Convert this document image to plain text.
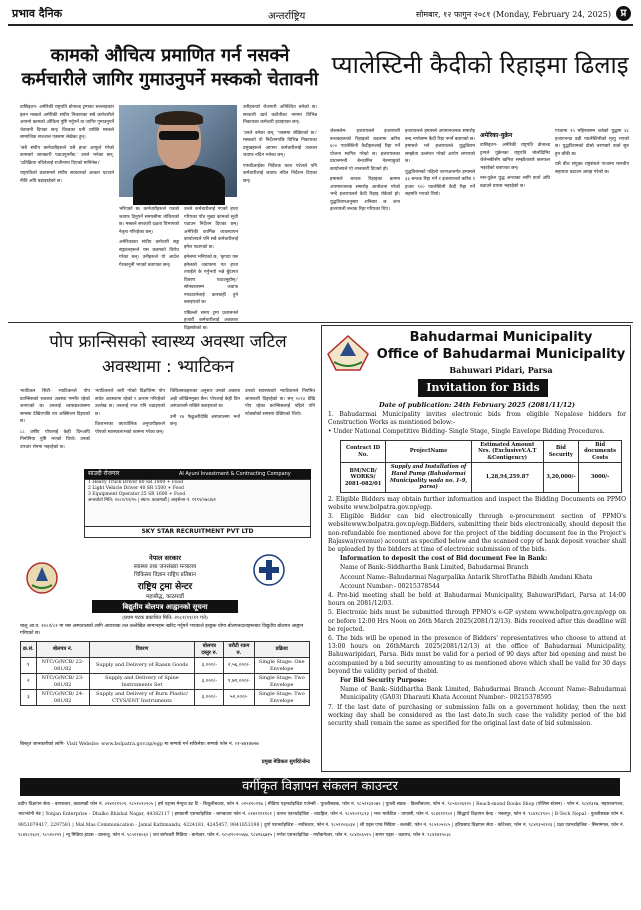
प्रभाव दैनिक	अन्तर्राष्ट्रिय	सोमबार, १२ फागुन २०८१ (Monday, February 24, 2025) प्र
कामको औचित्य प्रमाणित गर्न नसक्ने कर्मचारीले जागिर गुमाउनुपर्ने मस्कको चेतावनी

वासिङ्टन- अमेरिकी राष्ट्रपति डोनाल्ड ट्रम्पका सल्लाहकार इलन मस्कले अमेरिकी संघीय निकायका सबै कर्मचारीले आफ्नो कामको औचित्य पुष्टि गर्नुपर्ने वा जागिर गुमाउनुपर्ने चेतावनी दिएका छन्। विश्वका धनी व्यक्ति मस्कले सामाजिक सञ्जाल एक्समा लेखेका हुन्।

'सबै संघीय कर्मचारीहरूले यसै हप्ता आफूले गरेको कामबारे जानकारी पठाउनुपर्नेछ,' उनले भनेका छन्, 'प्रतिक्रिया नदिनेलाई राजीनामा दिएको मानिनेछ।'

राष्ट्रपतिको प्रशासनले संघीय सरकारको आकार घटाउने नीति अघि बढाइरहेको छ।

इलन मस्क

भरिएको छ। कर्मचारीहरूले पत्रको जवाफ दिनुपर्ने समयसीमा तोकिएको छ। मस्कले सरकारी दक्षता विभागको नेतृत्व गरिरहेका छन्।

अमेरिकाका संघीय कर्मचारी सङ्घ सङ्गठनहरूले यस कदमको विरोध गरेका छन्। उनीहरूले यो आदेश गैरकानुनी भएको बताएका छन्।

उनले कर्मचारीलाई गएको हप्ता गरिएका पाँच मुख्य कामको सूची पठाउन निर्देशन दिएका छन्। अमेरिकी कार्मिक व्यवस्थापन कार्यालयले पनि सबै कर्मचारीलाई इमेल पठाएको छ।

इमेलमा भनिएको छ, 'कृपया यस इमेलको जवाफमा गत हप्ता तपाईंले के गर्नुभयो भन्ने बुँदागत विवरण पठाउनुहोस्।' सोमबारसम्म जवाफ नपठाउनेलाई कारबाही हुने बताइएको छ।

पछिल्लो समय ट्रम्प प्रशासनले हजारौं कर्मचारीलाई अवकाश दिइसकेको छ।

उनीहरूको रोजगारी अनिश्चित बनेको छ। सरकारी खर्च कटौतीका नाममा विभिन्न निकायका कर्मचारी हटाइएका छन्।

'उनले बनेका छन्, 'एक्समा लेखिएको छ।' मस्कको यो निर्देशनपछि विभिन्न निकायका प्रमुखहरूले आफ्ना कर्मचारीलाई तत्काल जवाफ नदिन भनेका छन्।

एफबीआईका निर्देशक काश पटेलले पनि कर्मचारीलाई जवाफ नदिन निर्देशन दिएका छन्।

प्यालेस्टिनी कैदीको रिहाइमा ढिलाइ

जेरुसलेम- इजरायलले इजरायली बन्धकहरूको रिहाइको बदलामा करिब ६०० प्यालेस्टिनी कैदीहरूलाई रिहा गर्ने योजना स्थगित गरेको छ। इजरायलका प्रधानमन्त्री बेन्जामिन नेतन्याहुको कार्यालयले यो जानकारी दिएको हो।

हमासले बन्धक रिहाइका क्रममा अपमानजनक समारोह आयोजना गरेको भन्दै इजरायलले कैदी रिहाइ रोकेको हो। युद्धविरामअनुसार शनिबार छ जना इजरायली बन्धक रिहा गरिएका थिए।

इजरायलले हमासले अपमानजनक समारोह बन्द नगरेसम्म कैदी रिहा नगर्ने बताएको छ। हमासले भने इजरायलले युद्धविराम सम्झौता उल्लंघन गरेको आरोप लगाएको छ।

युद्धविरामको पहिलो चरणअन्तर्गत हमासले ३३ बन्धक रिहा गर्ने र इजरायलले करिब १ हजार ९०० प्यालेस्टिनी कैदी रिहा गर्ने सहमति भएको थियो।

अमेरिका-युक्रेन

वासिङ्टन- अमेरिकी राष्ट्रपति डोनाल्ड ट्रम्पले युक्रेनका राष्ट्रपति भोलोदिमिर जेलेन्स्कीसँग खनिज सम्झौताबारे छलफल भइरहेको बताएका छन्।

रुस-युक्रेन युद्ध अन्त्यका लागि वार्ता अघि बढाउने प्रयास भइरहेको छ।

गाजामा १५ महिनासम्म चलेको युद्धमा ४८ हजारभन्दा बढी प्यालेस्टिनीको मृत्यु भएको छ। युद्धविरामको दोस्रो चरणबारे वार्ता सुरु हुन बाँकी छ।

यसै बीच संयुक्त राष्ट्रसंघले गाजामा मानवीय सहायता बढाउन आग्रह गरेको छ।

पोप फ्रान्सिसको स्वास्थ्य अवस्था जटिल अवस्थामा : भ्याटिकन

भ्याटिकन सिटी- भ्याटिकनले पोप फ्रान्सिसको स्वास्थ्य अवस्था गम्भीर रहेको जनाएको छ। उनलाई श्वासप्रश्वासमा समस्या देखिएपछि थप अक्सिजन दिइएको छ।

८८ वर्षीय पोपलाई केही दिनअघि निमोनिया पुष्टि भएको थियो। उनको उपचार रोममा भइरहेको छ।

भ्याटिकनले जारी गरेको विज्ञप्तिमा पोप सचेत अवस्थामा रहेको र आराम गरिरहेको उल्लेख छ। उनलाई रगत पनि चढाइएको छ।

विश्वभरका क्याथोलिक अनुयायीहरूले पोपको स्वास्थ्यलाभको कामना गरेका छन्।

चिकित्सकहरूका अनुसार उनको अवस्था अझै जोखिममुक्त छैन। पोपलाई केही दिन अस्पतालमै राखिने बताइएको छ।

उनी १४ फेब्रुअरीदेखि अस्पतालमा भर्ना छन्।

उनको स्वास्थ्यबारे भ्याटिकनले नियमित जानकारी दिइरहेको छ। सन् २०१३ देखि पोप रहेका फ्रान्सिसलाई पहिले पनि फोक्सोको समस्या देखिएको थियो।

साउदी रोजगार	Al Ayuni Investment & Contracting Company
1 Heavy Truck Driver 80 SR 1800 + Food
2 Light Vehicle Driver 40 SR 1500 + Food
3 Equipment Operator 25 SR 1600 + Food
अन्तर्वार्ता मिति: २०८१/११/१५ | स्थान: काठमाडौं | लाइसेन्स नं. ११९९/०७०/७१
SKY STAR RECRUITMENT PVT LTD
नेपाल सरकार
स्वास्थ्य तथा जनसंख्या मन्त्रालय
चिकित्सा विज्ञान राष्ट्रिय प्रतिष्ठान
राष्ट्रिय ट्रमा सेन्टर
महाबौद्ध, काठमाडौं
बिद्युतीय बोलपत्र आह्वानको सूचना
(प्रथम पटक प्रकाशित मिति: २०८१/११/१२ गते)
चालु आ.व. २०८१/८२ मा यस अस्पतालको लागि आवश्यक तल उल्लेखित सामानहरू खरिद गर्नुपर्ने भएकाले इच्छुक योग्य बोलपत्रदाताहरूबाट विद्युतीय बोलपत्र आह्वान गरिएको छ।
क्र.सं.	बोलपत्र नं.	विवरण	बोलपत्र दस्तुर रु.	धरौटी रकम रु.	प्रक्रिया
१	NTC/G/NCB/ 22-081/82	Supply and Delivery of Raasn Goods	३,०००/-	२,५६,०००/-	Single Stage: One Envelope
२	NTC/G/NCB/ 23-081/82	Supply and Delivery of Spine Instruments Set	३,०००/-	१,७९,०००/-	Single Stage: Two Envelope
३	NTC/G/NCB/ 24-081/82	Supply and Delivery of Burn Plastic/ CTVS/ENT Instruments	३,०००/-	५२,०००/-	Single Stage: Two Envelope
बिस्तृत जानकारीको लागि- Visit Website: www.bolpatra.gov.np/egp मा सम्पर्क गर्न सकिनेछ। सम्पर्क फोन नं. ०१-४४१४७२७
प्रमुख मेडिकल सुपरिटेन्डेन्ट
Bahudarmai Municipality
Office of Bahudarmai Municipality
Bahuwari Pidari, Parsa
Invitation for Bids
Date of publication: 24th February 2025 (2081/11/12)

1. Bahudarmai Municipality invites electronic bids from eligible Nepalese bidders for Construction Works as mentioned below:-

• Under National Competitive Bidding- Single Stage, Single Envelope Bidding Procedures.

Contract ID No.	ProjectName	Estimated Amount Nrs. (ExclusiveV.A.T &Contigency)	Bid Security	Bid documents Costs
BM/NCB/ WORKS/ 2081-082/01	Supply and Installation of Hand Pump (Bahudarmai Municipality wada no. 1-9, parsa)	1,28,94,259.87	3,20,000/-	3000/-

2. Eligible Bidders may obtain further information and inspect the Bidding Documents on PPMO website www.bolpatra.gov.np/egp.

3. Eligible Bidder can bid electronically through e-procurement section of PPMO's websitewww.bolpatra.gov.np/egp.Bidders, submitting their bids electronically, should deposit the non-refundable fee mentioned above for the project of the bidding document fee in the Project's Rajaswa(revenue) account as specified below and the scanned copy of bank deposit voucher shall be uploaded by the bidders at time of electronic submission of the bids.

Information to deposit the cost of Bid document Fee in Bank:

Name of Bank:-Siddhartha Bank Limited, Bahudarmai Branch

Account Name:-Bahudarmai Nagarpalika Antarik ShrotTatha Bibidh Amdani Khata

Account Number:- 00215378544

4. Pre-bid meeting shall be held at Bahudarmai Municipality, BahuwariPidari, Parsa at 14:00 hours on 2081/12/03.

5. Electronic bids must be submitted through PPMO's e-GP system www.bolpatra.gov.np/egp on or before 12:00 Hrs Noon on 26th March 2025(2081/12/13). Bids received after this deadline will be rejected.

6. The bids will be opened in the presence of Bidders' representatives who choose to attend at 13:00 hours on 26thMarch 2025(2081/12/13) at the office of Bahudarmai Municipality, Bahuwaripidari, Parsa. Bids must be valid for a period of 90 days after bid opening and must be accompanied by a bid security amounting to as mentioned above which shall be valid for 30 days beyond the validity period of thebid.

For Bid Security Purpose:

Name of Bank:-Siddhartha Bank Limited, Bahudarmai Branch Account Name:-Bahudarmai Municipality (GA03) Dharauti Khata Account Number:- 00215378595

7. If the last date of purchasing or submission falls on a government holiday, then the next working day shall be considered as the last date.In such case the validity period of the bid security shall remain the same as specified for the original last date of bid submission.

वर्गीकृत विज्ञापन संकलन काउन्टर
प्रदीप विज्ञापन सेवा - बागबजार, काठमाडौं फोन नं. ०१४१२१९०१, ९८५१०१०९०५ | हर्ष एड्भ्स मेन्युज डट टि - बिजुलीबजार, फोन नं. ०१५११०११७ | मीडिया एड्भर्टाइजिङ एजेन्सी - पुतलीसडक, फोन नं. ९८५११३१०७९ | पुतली सडक - डिल्लीबजार, फोन नं. ९८५१०२६१२० | Reach-mond Books Shop (पोलिस स्टेसन) - फोन नं. ९८४१३१७, महाराजगञ्ज, भाटभटेनी नेड | Yonjan Enterprise - Dhalko Bhishal Nagar, 44382117 | इमकामी एडभर्टाइजिङ - बागबजार फोन नं. ०१४२११११०१ | वतन्त्र एडभर्टाइजिङ - चावहिल, फोन नं. ९८५१०२९८१३ | भन्ट मार्केटिङ - धापासी, फोन नं. ९८४१११९०२ | सिद्धार्थ विज्ञापन केन्द्र - भक्तपुर, फोन नं. ९८४१८१९०५ | B-Tech Nepal - पुतलीसडक फोन नं. 9851079417, 2297581 | Mal.Mas Communication - Jamal Kathmandu, 4224181, 4245457, 9841853198 | दुर्गा एडभर्टाइजिङ - नयाँबजार, फोन नं. ९८५११०६०३४ | श्री एड्स एण्ड मिडिया - कलंकी, फोन नं. ९८५१०५२८५ | हरिप्रसाद विज्ञापन सेवा - कोटेश्वर, फोन नं. ९८४१३५११२३ | प्रज्ञा एडभर्टाइजिङ - सिनामंगल, फोन नं. ९८४१८२६०१, ९८५१०२५१ | न्यू मिडिया हाउस - बालाजु, फोन नं. ९८५११४०६२ | जय बागेश्वरी मिडिया - बानेश्वर, फोन नं. ९८५११०२५५६७, ९८४१६६७१५ | गणेश एडभर्टाइजिङ - नयाँबानेश्वर, फोन नं. ९८४१०६५१५ | सागर एड्स - चक्रपथ, फोन नं. ९८४१४१५०३८
